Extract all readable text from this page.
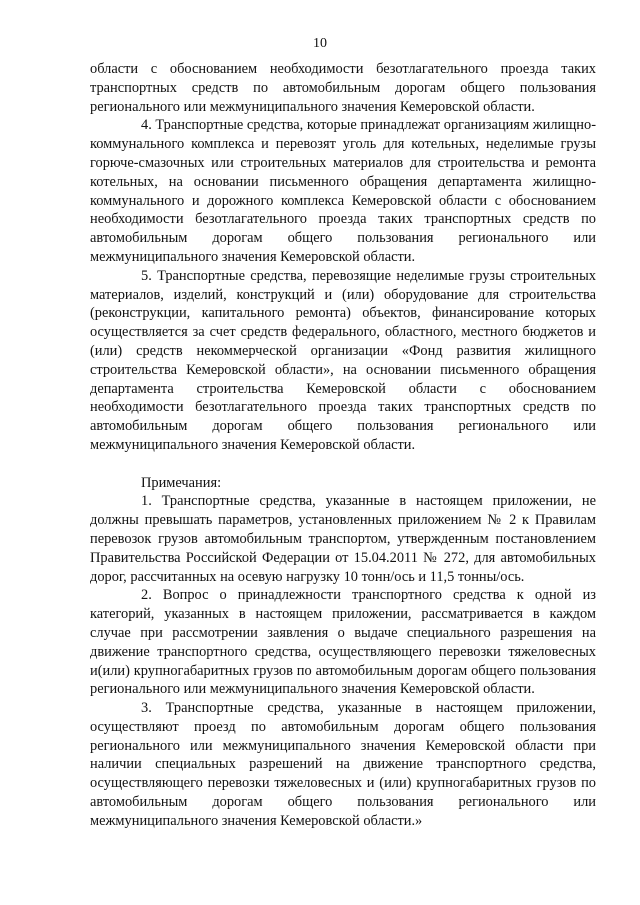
10

области с обоснованием необходимости безотлагательного проезда таких транспортных средств по автомобильным дорогам общего пользования регионального или межмуниципального значения Кемеровской области.

4. Транспортные средства, которые принадлежат организациям жилищно-коммунального комплекса и перевозят уголь для котельных, неделимые грузы горюче-смазочных или строительных материалов для строительства и ремонта котельных, на основании письменного обращения департамента жилищно-коммунального и дорожного комплекса Кемеровской области с обоснованием необходимости безотлагательного проезда таких транспортных средств по автомобильным дорогам общего пользования регионального или межмуниципального значения Кемеровской области.

5. Транспортные средства, перевозящие неделимые грузы строительных материалов, изделий, конструкций и (или) оборудование для строительства (реконструкции, капитального ремонта) объектов, финансирование которых осуществляется за счет средств федерального, областного, местного бюджетов и (или) средств некоммерческой организации «Фонд развития жилищного строительства Кемеровской области», на основании письменного обращения департамента строительства Кемеровской области с обоснованием необходимости безотлагательного проезда таких транспортных средств по автомобильным дорогам общего пользования регионального или межмуниципального значения Кемеровской области.

Примечания:

1. Транспортные средства, указанные в настоящем приложении, не должны превышать параметров, установленных приложением № 2 к Правилам перевозок грузов автомобильным транспортом, утвержденным постановлением Правительства Российской Федерации от 15.04.2011 № 272, для автомобильных дорог, рассчитанных на осевую нагрузку 10 тонн/ось и 11,5 тонны/ось.

2. Вопрос о принадлежности транспортного средства к одной из категорий, указанных в настоящем приложении, рассматривается в каждом случае при рассмотрении заявления о выдаче специального разрешения на движение транспортного средства, осуществляющего перевозки тяжеловесных и(или) крупногабаритных грузов по автомобильным дорогам общего пользования регионального или межмуниципального значения Кемеровской области.

3. Транспортные средства, указанные в настоящем приложении, осуществляют проезд по автомобильным дорогам общего пользования регионального или межмуниципального значения Кемеровской области при наличии специальных разрешений на движение транспортного средства, осуществляющего перевозки тяжеловесных и (или) крупногабаритных грузов по автомобильным дорогам общего пользования регионального или межмуниципального значения Кемеровской области.»
